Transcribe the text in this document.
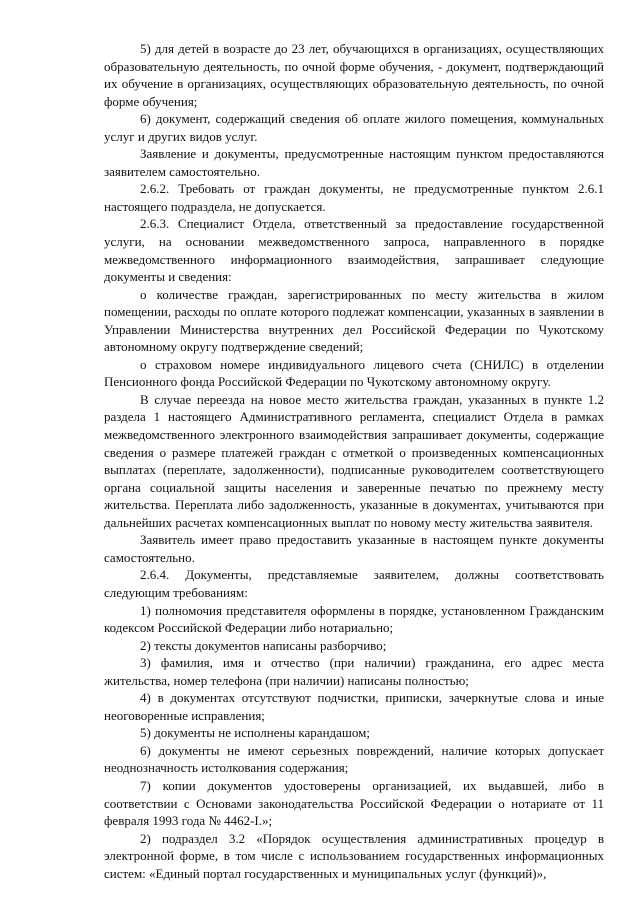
5) для детей в возрасте до 23 лет, обучающихся в организациях, осуществляющих образовательную деятельность, по очной форме обучения, - документ, подтверждающий их обучение в организациях, осуществляющих образовательную деятельность, по очной форме обучения;

6) документ, содержащий сведения об оплате жилого помещения, коммунальных услуг и других видов услуг.

Заявление и документы, предусмотренные настоящим пунктом предоставляются заявителем самостоятельно.

2.6.2. Требовать от граждан документы, не предусмотренные пунктом 2.6.1 настоящего подраздела, не допускается.

2.6.3. Специалист Отдела, ответственный за предоставление государственной услуги, на основании межведомственного запроса, направленного в порядке межведомственного информационного взаимодействия, запрашивает следующие документы и сведения:

о количестве граждан, зарегистрированных по месту жительства в жилом помещении, расходы по оплате которого подлежат компенсации, указанных в заявлении в Управлении Министерства внутренних дел Российской Федерации по Чукотскому автономному округу подтверждение сведений;

о страховом номере индивидуального лицевого счета (СНИЛС) в отделении Пенсионного фонда Российской Федерации по Чукотскому автономному округу.

В случае переезда на новое место жительства граждан, указанных в пункте 1.2 раздела 1 настоящего Административного регламента, специалист Отдела в рамках межведомственного электронного взаимодействия запрашивает документы, содержащие сведения о размере платежей граждан с отметкой о произведенных компенсационных выплатах (переплате, задолженности), подписанные руководителем соответствующего органа социальной защиты населения и заверенные печатью по прежнему месту жительства. Переплата либо задолженность, указанные в документах, учитываются при дальнейших расчетах компенсационных выплат по новому месту жительства заявителя.

Заявитель имеет право предоставить указанные в настоящем пункте документы самостоятельно.

2.6.4. Документы, представляемые заявителем, должны соответствовать следующим требованиям:

1) полномочия представителя оформлены в порядке, установленном Гражданским кодексом Российской Федерации либо нотариально;

2) тексты документов написаны разборчиво;

3) фамилия, имя и отчество (при наличии) гражданина, его адрес места жительства, номер телефона (при наличии) написаны полностью;

4) в документах отсутствуют подчистки, приписки, зачеркнутые слова и иные неоговоренные исправления;

5) документы не исполнены карандашом;

6) документы не имеют серьезных повреждений, наличие которых допускает неоднозначность истолкования содержания;

7) копии документов удостоверены организацией, их выдавшей, либо в соответствии с Основами законодательства Российской Федерации о нотариате от 11 февраля 1993 года № 4462-I.»;

2) подраздел 3.2 «Порядок осуществления административных процедур в электронной форме, в том числе с использованием государственных информационных систем: «Единый портал государственных и муниципальных услуг (функций)»,
